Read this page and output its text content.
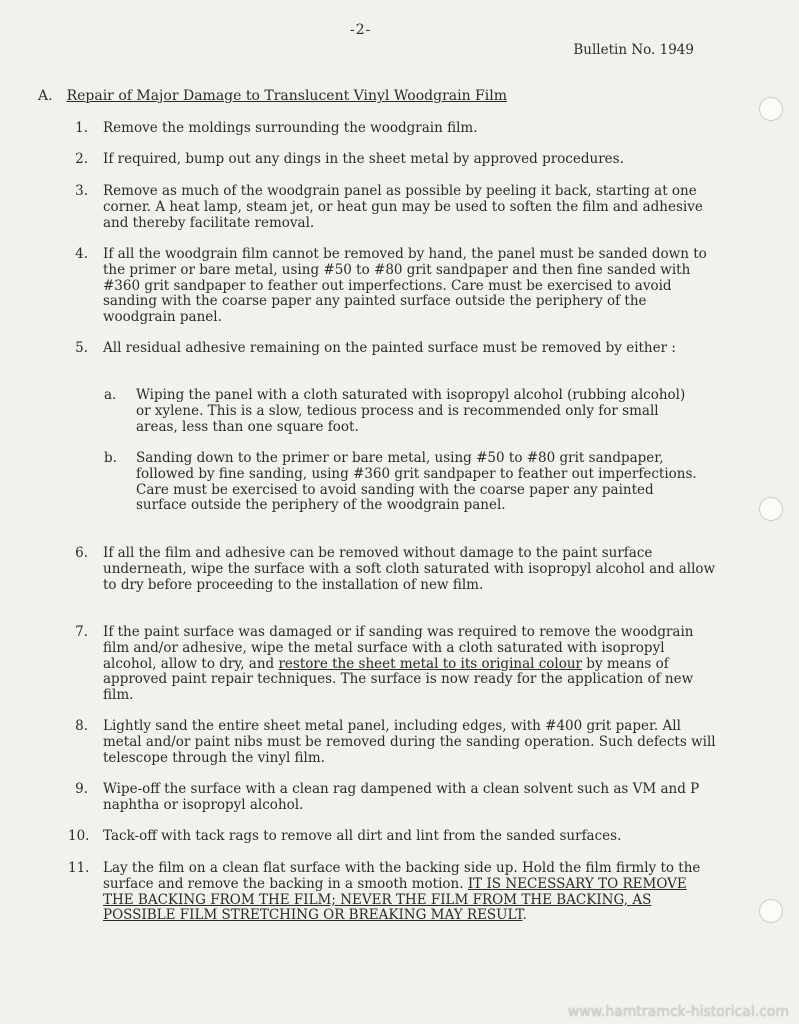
-2-
Bulletin No. 1949
A. Repair of Major Damage to Translucent Vinyl Woodgrain Film
1. Remove the moldings surrounding the woodgrain film.
2. If required, bump out any dings in the sheet metal by approved procedures.
3. Remove as much of the woodgrain panel as possible by peeling it back, starting at one corner. A heat lamp, steam jet, or heat gun may be used to soften the film and adhesive and thereby facilitate removal.
4. If all the woodgrain film cannot be removed by hand, the panel must be sanded down to the primer or bare metal, using #50 to #80 grit sandpaper and then fine sanded with #360 grit sandpaper to feather out imperfections. Care must be exercised to avoid sanding with the coarse paper any painted surface outside the periphery of the woodgrain panel.
5. All residual adhesive remaining on the painted surface must be removed by either :
a. Wiping the panel with a cloth saturated with isopropyl alcohol (rubbing alcohol) or xylene. This is a slow, tedious process and is recommended only for small areas, less than one square foot.
b. Sanding down to the primer or bare metal, using #50 to #80 grit sandpaper, followed by fine sanding, using #360 grit sandpaper to feather out imperfections. Care must be exercised to avoid sanding with the coarse paper any painted surface outside the periphery of the woodgrain panel.
6. If all the film and adhesive can be removed without damage to the paint surface underneath, wipe the surface with a soft cloth saturated with isopropyl alcohol and allow to dry before proceeding to the installation of new film.
7. If the paint surface was damaged or if sanding was required to remove the woodgrain film and/or adhesive, wipe the metal surface with a cloth saturated with isopropyl alcohol, allow to dry, and restore the sheet metal to its original colour by means of approved paint repair techniques. The surface is now ready for the application of new film.
8. Lightly sand the entire sheet metal panel, including edges, with #400 grit paper. All metal and/or paint nibs must be removed during the sanding operation. Such defects will telescope through the vinyl film.
9. Wipe-off the surface with a clean rag dampened with a clean solvent such as VM and P naphtha or isopropyl alcohol.
10. Tack-off with tack rags to remove all dirt and lint from the sanded surfaces.
11. Lay the film on a clean flat surface with the backing side up. Hold the film firmly to the surface and remove the backing in a smooth motion. IT IS NECESSARY TO REMOVE THE BACKING FROM THE FILM; NEVER THE FILM FROM THE BACKING, AS POSSIBLE FILM STRETCHING OR BREAKING MAY RESULT.
www.hamtramck-historical.com
